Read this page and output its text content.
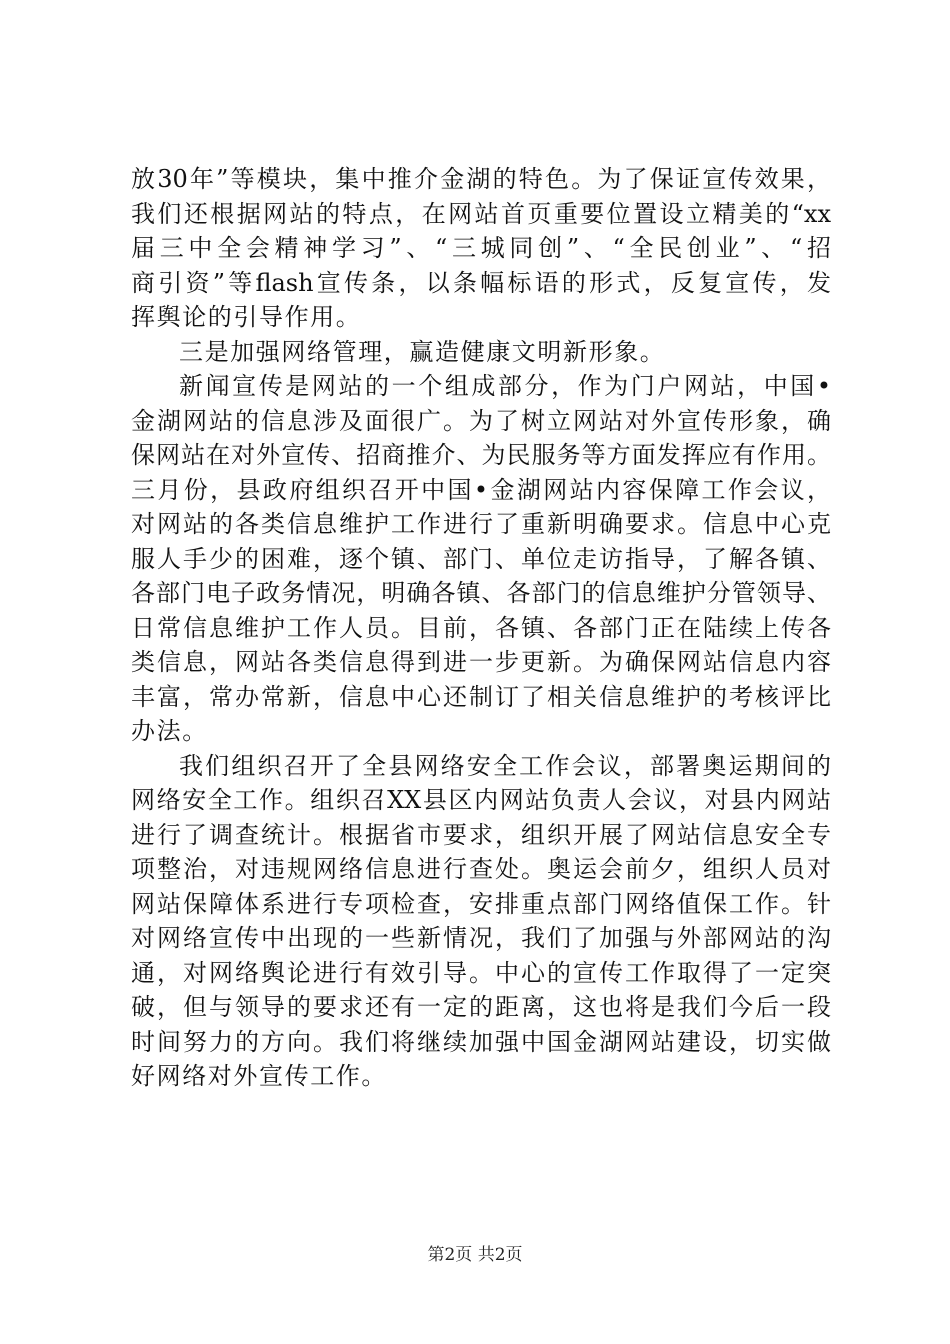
放30年”等模块，集中推介金湖的特色。为了保证宣传效果，
我们还根据网站的特点，在网站首页重要位置设立精美的“xx
届三中全会精神学习”、“三城同创”、“全民创业”、“招
商引资”等flash宣传条，以条幅标语的形式，反复宣传，发
挥舆论的引导作用。
三是加强网络管理，赢造健康文明新形象。
新闻宣传是网站的一个组成部分，作为门户网站，中国•
金湖网站的信息涉及面很广。为了树立网站对外宣传形象，确
保网站在对外宣传、招商推介、为民服务等方面发挥应有作用。
三月份，县政府组织召开中国•金湖网站内容保障工作会议，
对网站的各类信息维护工作进行了重新明确要求。信息中心克
服人手少的困难，逐个镇、部门、单位走访指导，了解各镇、
各部门电子政务情况，明确各镇、各部门的信息维护分管领导、
日常信息维护工作人员。目前，各镇、各部门正在陆续上传各
类信息，网站各类信息得到进一步更新。为确保网站信息内容
丰富，常办常新，信息中心还制订了相关信息维护的考核评比
办法。
我们组织召开了全县网络安全工作会议，部署奥运期间的
网络安全工作。组织召XX县区内网站负责人会议，对县内网站
进行了调查统计。根据省市要求，组织开展了网站信息安全专
项整治，对违规网络信息进行查处。奥运会前夕，组织人员对
网站保障体系进行专项检查，安排重点部门网络值保工作。针
对网络宣传中出现的一些新情况，我们了加强与外部网站的沟
通，对网络舆论进行有效引导。中心的宣传工作取得了一定突
破，但与领导的要求还有一定的距离，这也将是我们今后一段
时间努力的方向。我们将继续加强中国金湖网站建设，切实做
好网络对外宣传工作。
第2页 共2页
